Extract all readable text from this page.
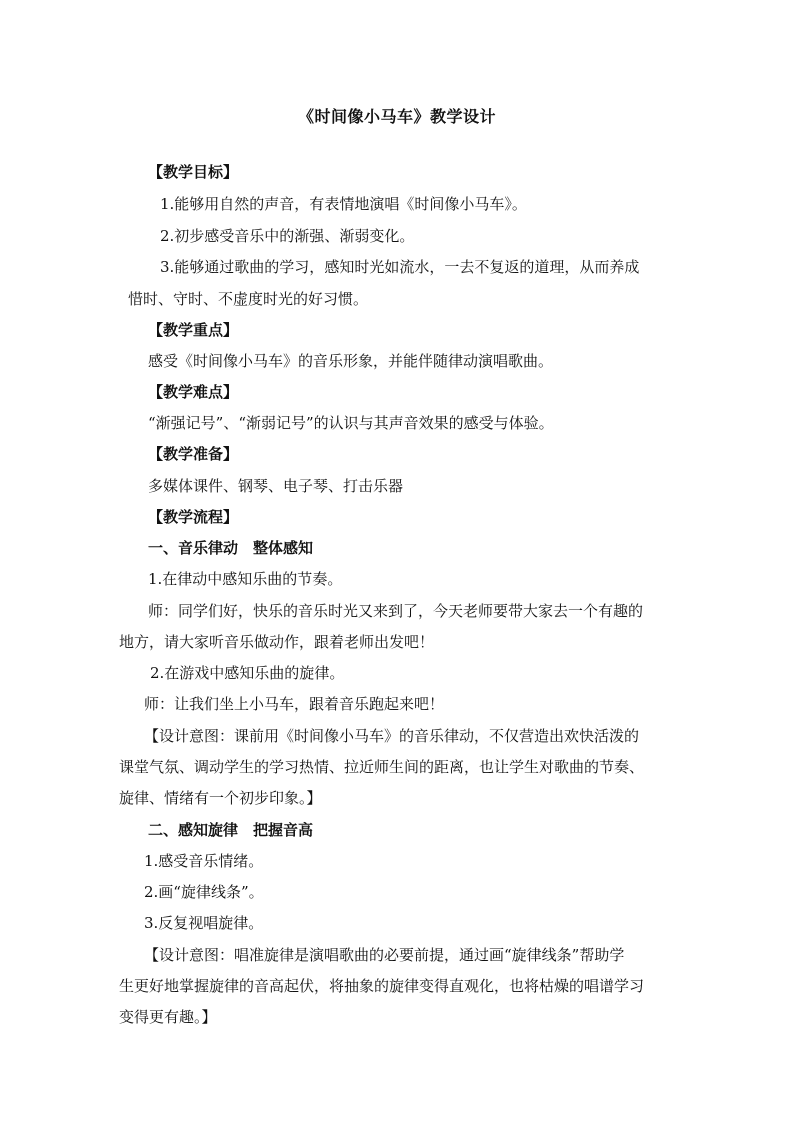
《时间像小马车》教学设计
【教学目标】
1.能够用自然的声音，有表情地演唱《时间像小马车》。
2.初步感受音乐中的渐强、渐弱变化。
3.能够通过歌曲的学习，感知时光如流水，一去不复返的道理，从而养成
惜时、守时、不虚度时光的好习惯。
【教学重点】
感受《时间像小马车》的音乐形象，并能伴随律动演唱歌曲。
【教学难点】
“渐强记号”、“渐弱记号”的认识与其声音效果的感受与体验。
【教学准备】
多媒体课件、钢琴、电子琴、打击乐器
【教学流程】
一、音乐律动　整体感知
1.在律动中感知乐曲的节奏。
师：同学们好，快乐的音乐时光又来到了，今天老师要带大家去一个有趣的
地方，请大家听音乐做动作，跟着老师出发吧！
2.在游戏中感知乐曲的旋律。
师：让我们坐上小马车，跟着音乐跑起来吧！
【设计意图：课前用《时间像小马车》的音乐律动，不仅营造出欢快活泼的
课堂气氛、调动学生的学习热情、拉近师生间的距离，也让学生对歌曲的节奏、
旋律、情绪有一个初步印象。】
二、感知旋律　把握音高
1.感受音乐情绪。
2.画“旋律线条”。
3.反复视唱旋律。
【设计意图：唱准旋律是演唱歌曲的必要前提，通过画“旋律线条”帮助学
生更好地掌握旋律的音高起伏，将抽象的旋律变得直观化，也将枯燥的唱谱学习
变得更有趣。】
